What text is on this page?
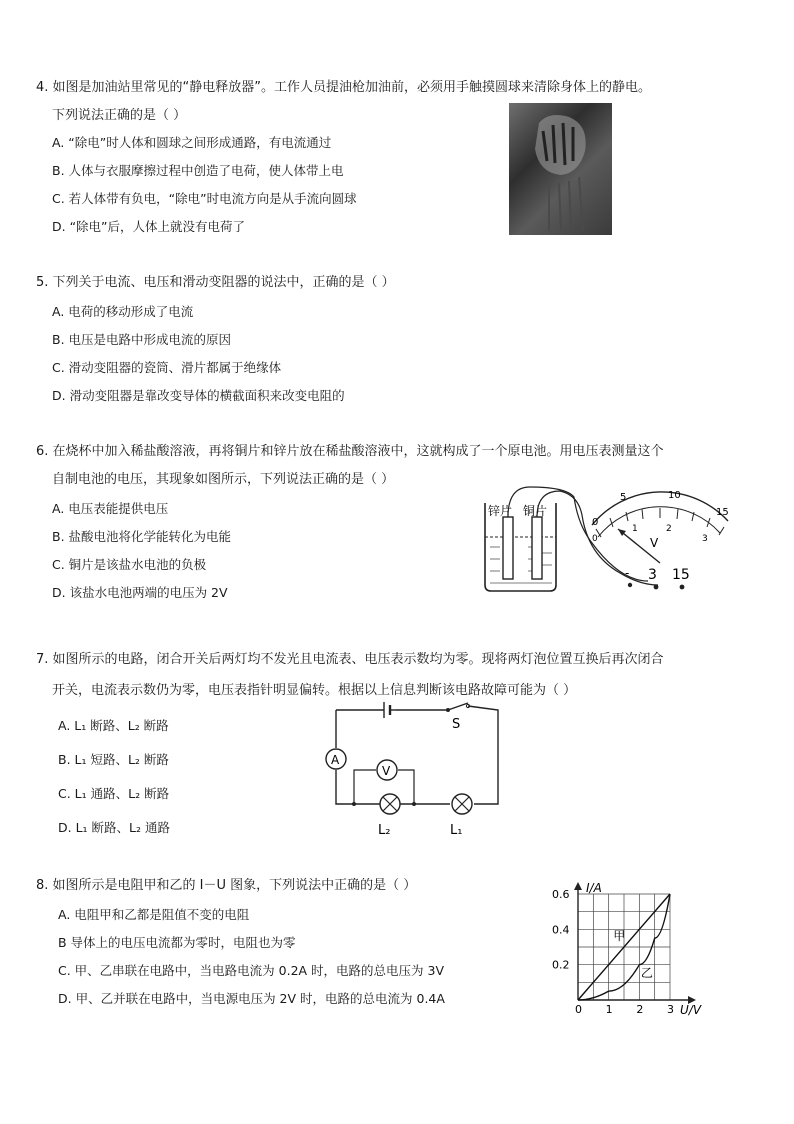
4. 如图是加油站里常见的“静电释放器”。工作人员提油枪加油前，必须用手触摸圆球来清除身体上的静电。
下列说法正确的是（ ）
A. “除电”时人体和圆球之间形成通路，有电流通过
B. 人体与衣服摩擦过程中创造了电荷，使人体带上电
C. 若人体带有负电，“除电”时电流方向是从手流向圆球
D. “除电”后，人体上就没有电荷了
5. 下列关于电流、电压和滑动变阻器的说法中，正确的是（ ）
A. 电荷的移动形成了电流
B. 电压是电路中形成电流的原因
C. 滑动变阻器的瓷筒、滑片都属于绝缘体
D. 滑动变阻器是靠改变导体的横截面积来改变电阻的
6. 在烧杯中加入稀盐酸溶液，再将铜片和锌片放在稀盐酸溶液中，这就构成了一个原电池。用电压表测量这个
自制电池的电压，其现象如图所示，下列说法正确的是（ ）
A. 电压表能提供电压
B. 盐酸电池将化学能转化为电能
C. 铜片是该盐水电池的负极
D. 该盐水电池两端的电压为 2V
锌片 铜片
0
5	10
15
0
1	2
3
V
- 3 15
7. 如图所示的电路，闭合开关后两灯均不发光且电流表、电压表示数均为零。现将两灯泡位置互换后再次闭合
开关，电流表示数仍为零，电压表指针明显偏转。根据以上信息判断该电路故障可能为（ ）
A. L₁ 断路、L₂ 断路
B. L₁ 短路、L₂ 断路
C. L₁ 通路、L₂ 断路
D. L₁ 断路、L₂ 通路
S
A
V
L₂	L₁
8. 如图所示是电阻甲和乙的 I－U 图象，下列说法中正确的是（ ）
A. 电阻甲和乙都是阻值不变的电阻
B 导体上的电压电流都为零时，电阻也为零
C. 甲、乙串联在电路中，当电路电流为 0.2A 时，电路的总电压为 3V
D. 甲、乙并联在电路中，当电源电压为 2V 时，电路的总电流为 0.4A
I/A
U/V
0 1 2 3
0.2
0.4
0.6
甲
乙
